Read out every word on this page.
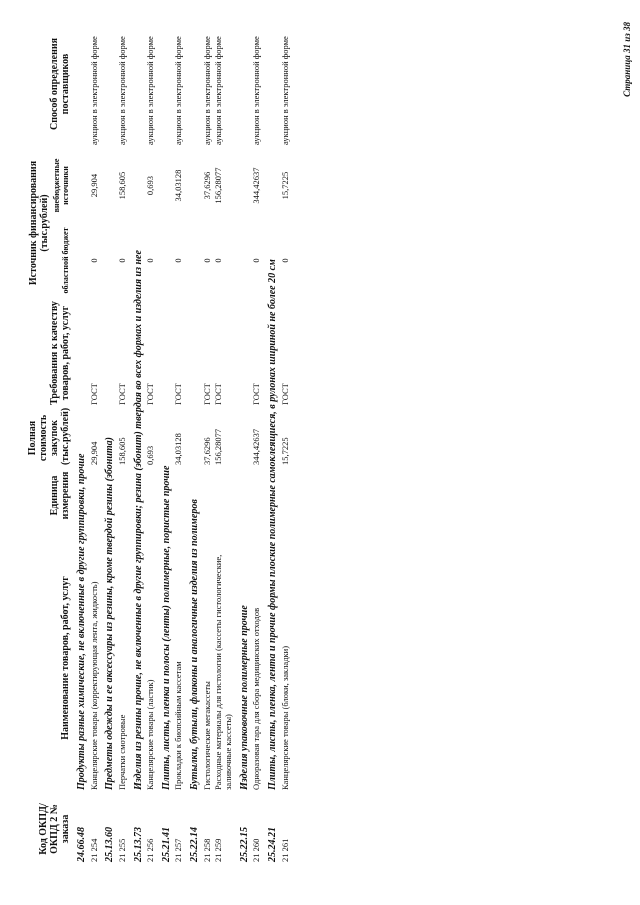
Код ОКПД/ ОКПД 2 № заказа	Наименование товаров, работ, услуг	Единица измерения	Полная стоимость закупок (тыс.рублей)	Требования к качеству товаров, работ, услуг	Источник финансирования (тыс.рублей)		Способ определения поставщиков
					областной бюджет	внебюджетные источники	
24.66.48	Продукты разные химические, не включенные в другие группировки, прочие						
21 254	Канцелярские товары (корректирующая лента, жидкость)		29,904	ГОСТ	0	29,904	аукцион в электронной форме
25.13.60	Предметы одежды и ее аксессуары из резины, кроме твердой резины (эбонита)						
21 255	Перчатки смотровые		158,605	ГОСТ	0	158,605	аукцион в электронной форме
25.13.73	Изделия из резины прочие, не включенные в другие группировки; резина (эбонит) твердая во всех формах и изделия из нее						
21 256	Канцелярские товары (ластик)		0,693	ГОСТ	0	0,693	аукцион в электронной форме
25.21.41	Плиты, листы, пленка и полосы (ленты) полимерные, пористые прочие						
21 257	Прокладки к биопсийным кассетам		34,03128	ГОСТ	0	34,03128	аукцион в электронной форме
25.22.14	Бутылки, бутыли, флаконы и аналогичные изделия из полимеров						
21 258	Гистологические мегакассеты		37,6296	ГОСТ	0	37,6296	аукцион в электронной форме
21 259	Расходные материалы для гистологии (кассеты гистологические, заливочные кассеты)		156,28077	ГОСТ	0	156,28077	аукцион в электронной форме
25.22.15	Изделия упаковочные полимерные прочие						
21 260	Одноразовая тара для сбора медицинских отходов		344,42637	ГОСТ	0	344,42637	аукцион в электронной форме
25.24.21	Плиты, листы, пленка, лента и прочие формы плоские полимерные самоклеящиеся, в рулонах шириной не более 20 см						
21 261	Канцелярские товары (блоки, закладки)		15,7225	ГОСТ	0	15,7225	аукцион в электронной форме	Страница 31 из 38
